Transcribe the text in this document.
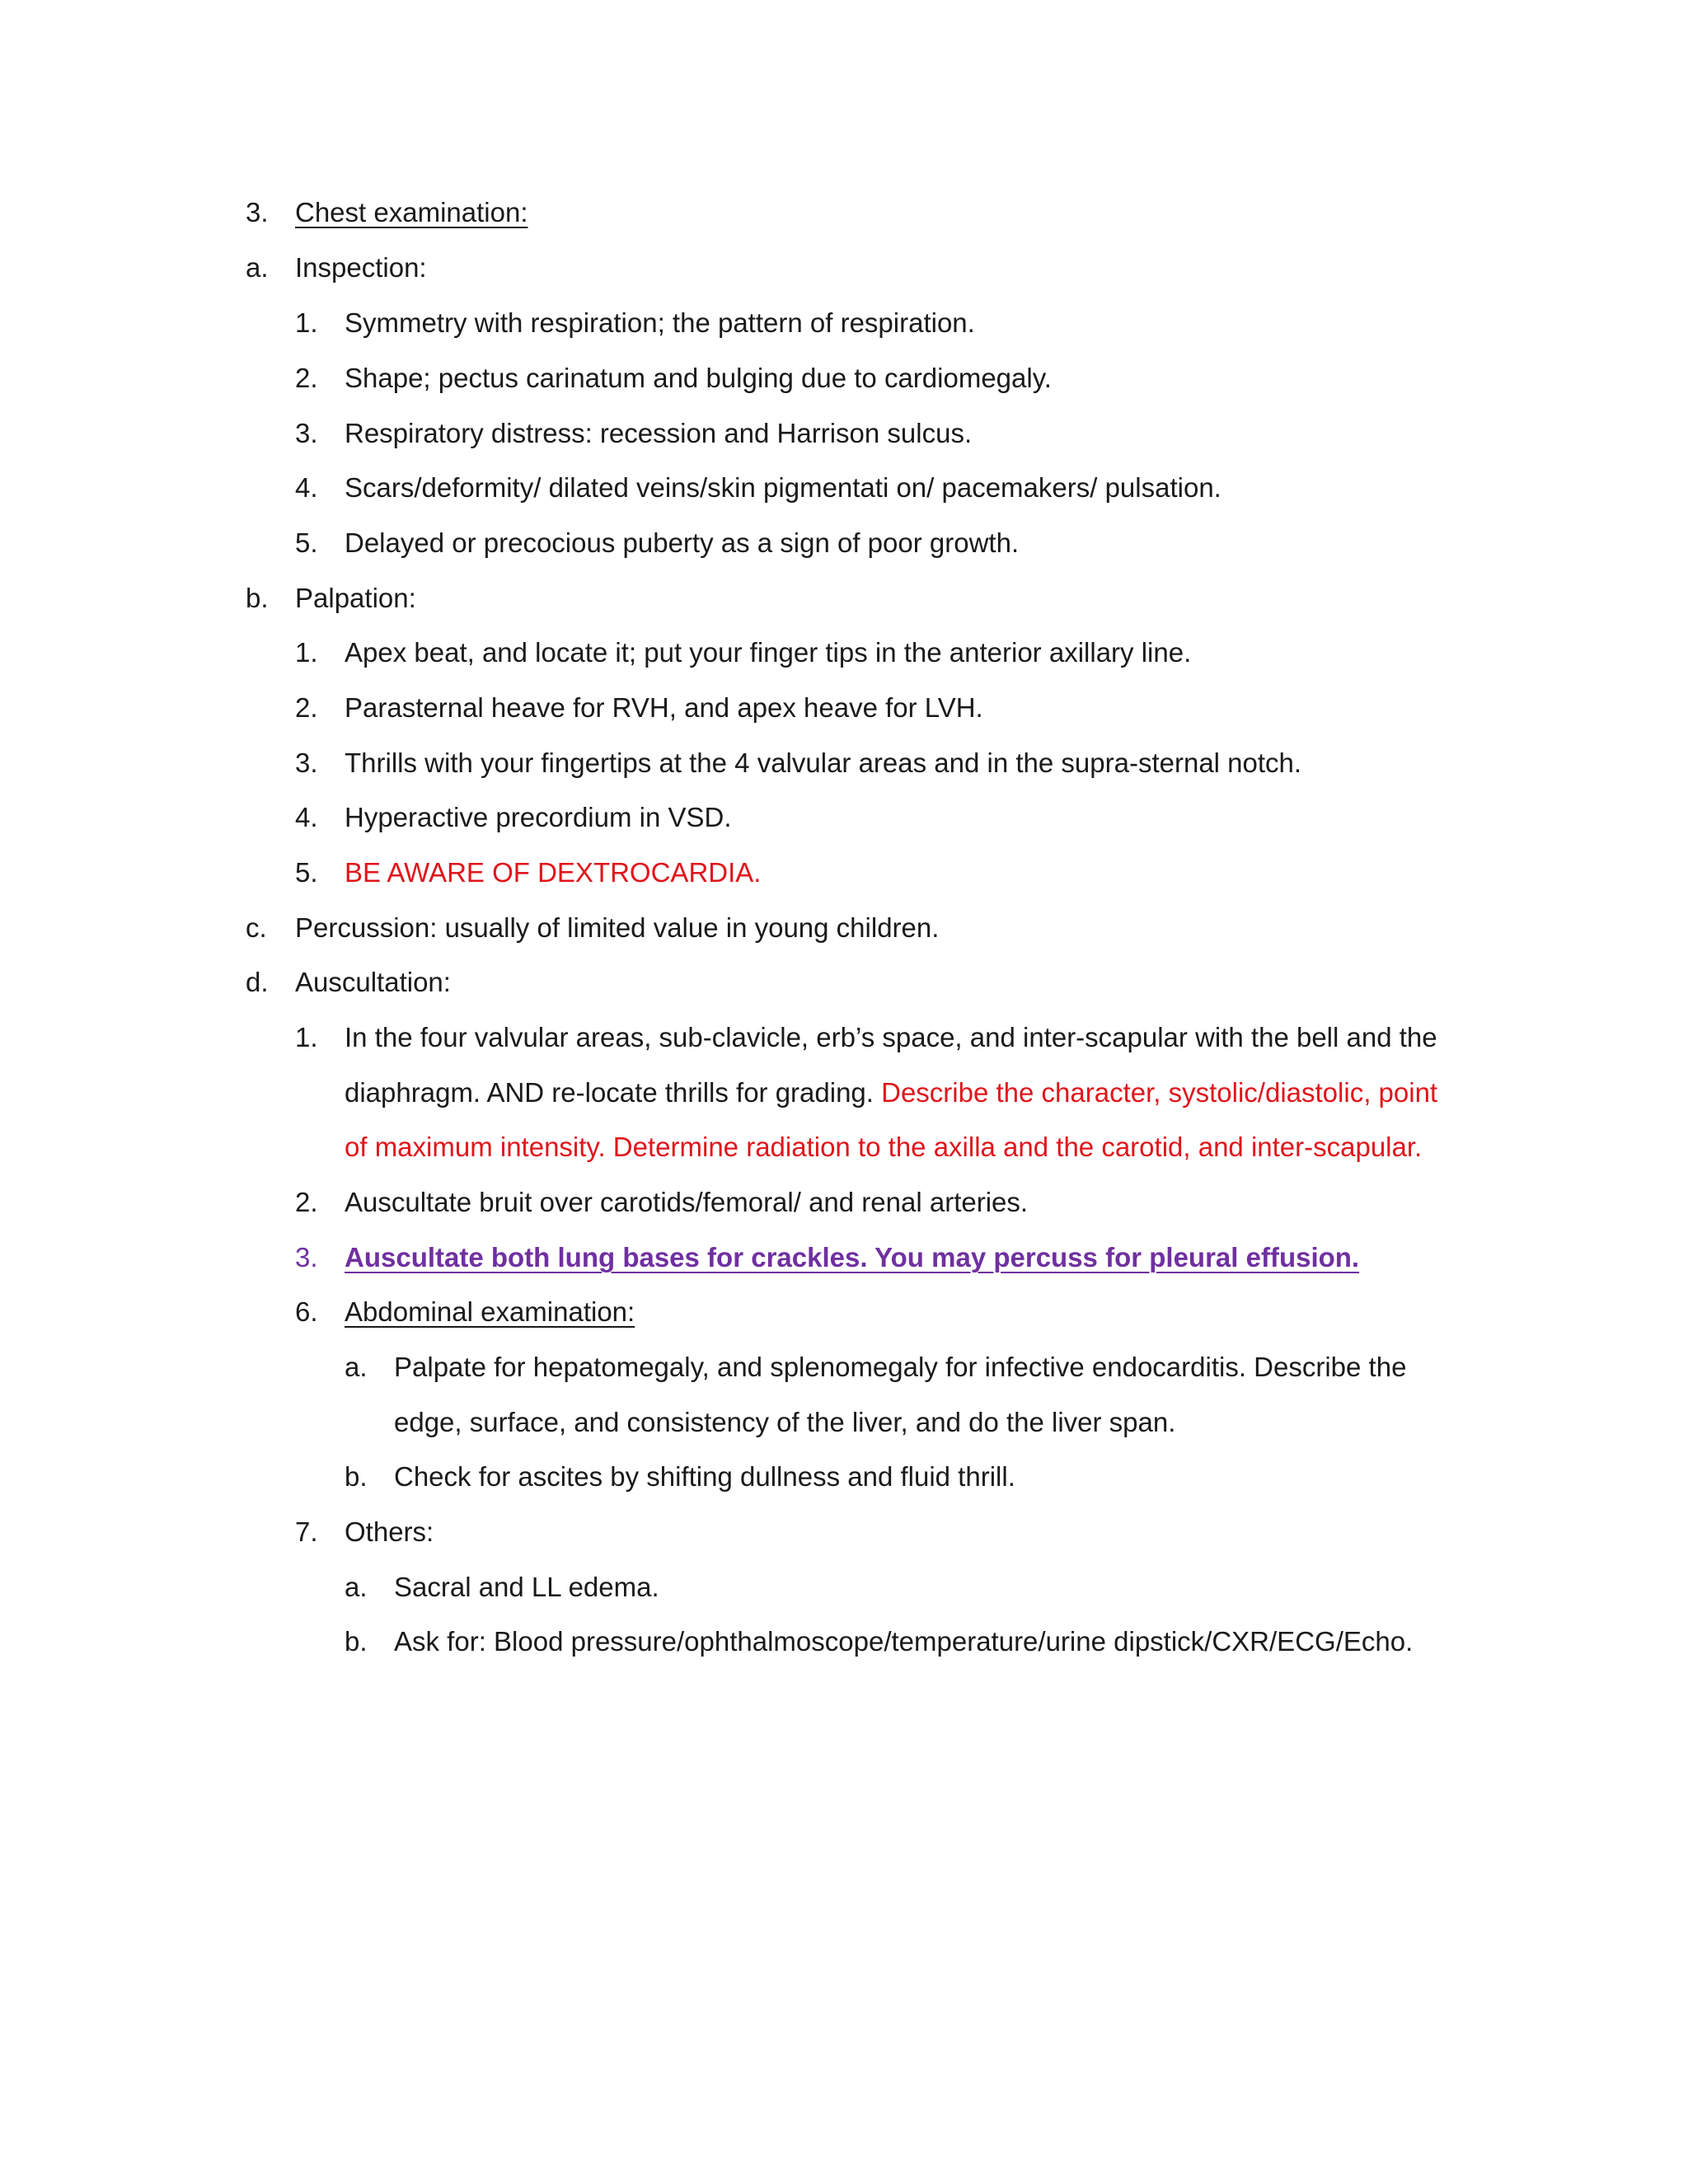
3. Chest examination:
a. Inspection:
1. Symmetry with respiration; the pattern of respiration.
2. Shape; pectus carinatum and bulging due to cardiomegaly.
3. Respiratory distress: recession and Harrison sulcus.
4. Scars/deformity/ dilated veins/skin pigmentati on/ pacemakers/ pulsation.
5. Delayed or precocious puberty as a sign of poor growth.
b. Palpation:
1. Apex beat, and locate it; put your finger tips in the anterior axillary line.
2. Parasternal heave for RVH, and apex heave for LVH.
3. Thrills with your fingertips at the 4 valvular areas and in the supra-sternal notch.
4. Hyperactive precordium in VSD.
5. BE AWARE OF DEXTROCARDIA.
c. Percussion: usually of limited value in young children.
d. Auscultation:
1. In the four valvular areas, sub-clavicle, erb’s space, and inter-scapular with the bell and the
diaphragm. AND re-locate thrills for grading. Describe the character, systolic/diastolic, point
of maximum intensity. Determine radiation to the axilla and the carotid, and inter-scapular.
2. Auscultate bruit over carotids/femoral/ and renal arteries.
3. Auscultate both lung bases for crackles. You may percuss for pleural effusion.
6. Abdominal examination:
a. Palpate for hepatomegaly, and splenomegaly for infective endocarditis. Describe the
edge, surface, and consistency of the liver, and do the liver span.
b. Check for ascites by shifting dullness and fluid thrill.
7. Others:
a. Sacral and LL edema.
b. Ask for: Blood pressure/ophthalmoscope/temperature/urine dipstick/CXR/ECG/Echo.
